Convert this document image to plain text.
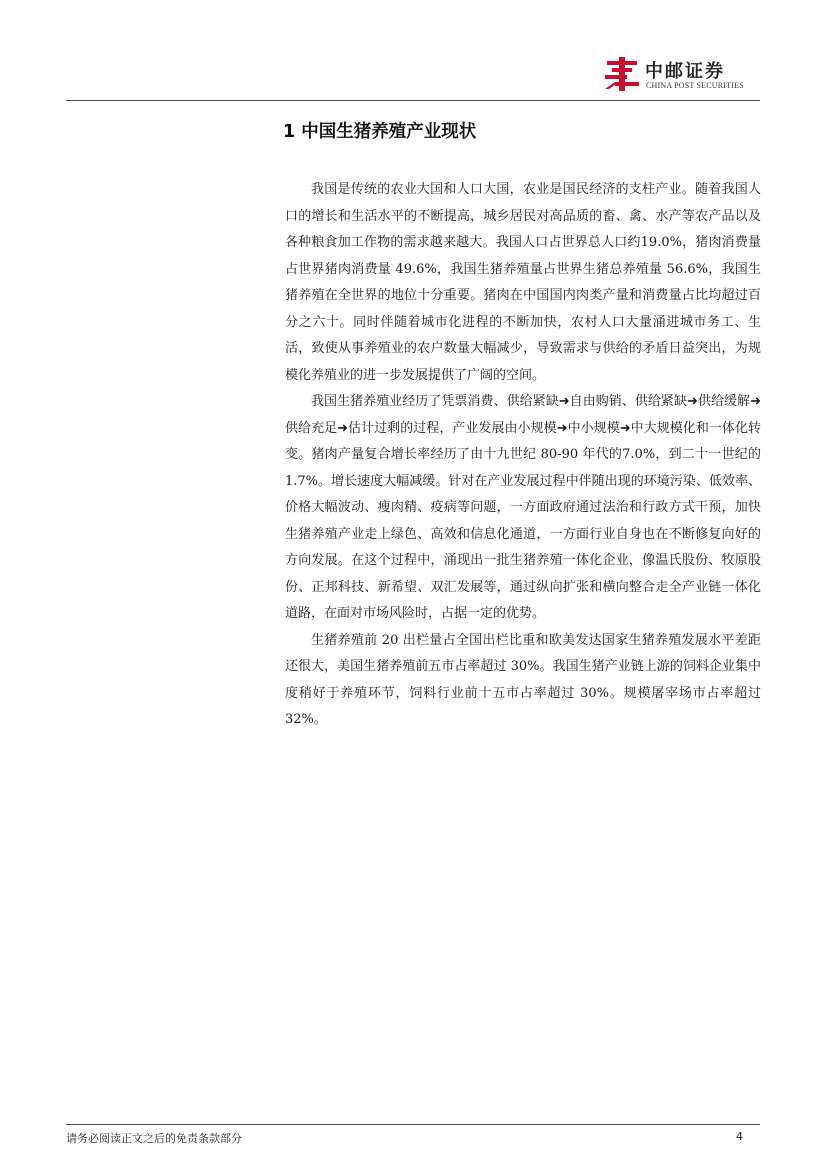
中邮证券
CHINA POST SECURITIES
1 中国生猪养殖产业现状

我国是传统的农业大国和人口大国，农业是国民经济的支柱产业。随着我国人口的增长和生活水平的不断提高，城乡居民对高品质的畜、禽、水产等农产品以及各种粮食加工作物的需求越来越大。我国人口占世界总人口约19.0%，猪肉消费量占世界猪肉消费量 49.6%，我国生猪养殖量占世界生猪总养殖量 56.6%，我国生猪养殖在全世界的地位十分重要。猪肉在中国国内肉类产量和消费量占比均超过百分之六十。同时伴随着城市化进程的不断加快，农村人口大量涌进城市务工、生活，致使从事养殖业的农户数量大幅减少，导致需求与供给的矛盾日益突出，为规模化养殖业的进一步发展提供了广阔的空间。

我国生猪养殖业经历了凭票消费、供给紧缺➜自由购销、供给紧缺➜供给缓解➜供给充足➜估计过剩的过程，产业发展由小规模➜中小规模➜中大规模化和一体化转变。猪肉产量复合增长率经历了由十九世纪 80-90 年代的7.0%，到二十一世纪的 1.7%。增长速度大幅减缓。针对在产业发展过程中伴随出现的环境污染、低效率、价格大幅波动、瘦肉精、疫病等问题，一方面政府通过法治和行政方式干预，加快生猪养殖产业走上绿色、高效和信息化通道，一方面行业自身也在不断修复向好的方向发展。在这个过程中，涌现出一批生猪养殖一体化企业，像温氏股份、牧原股份、正邦科技、新希望、双汇发展等，通过纵向扩张和横向整合走全产业链一体化道路，在面对市场风险时，占据一定的优势。

生猪养殖前 20 出栏量占全国出栏比重和欧美发达国家生猪养殖发展水平差距还很大，美国生猪养殖前五市占率超过 30%。我国生猪产业链上游的饲料企业集中度稍好于养殖环节，饲料行业前十五市占率超过 30%。规模屠宰场市占率超过 32%。

请务必阅读正文之后的免责条款部分	4
